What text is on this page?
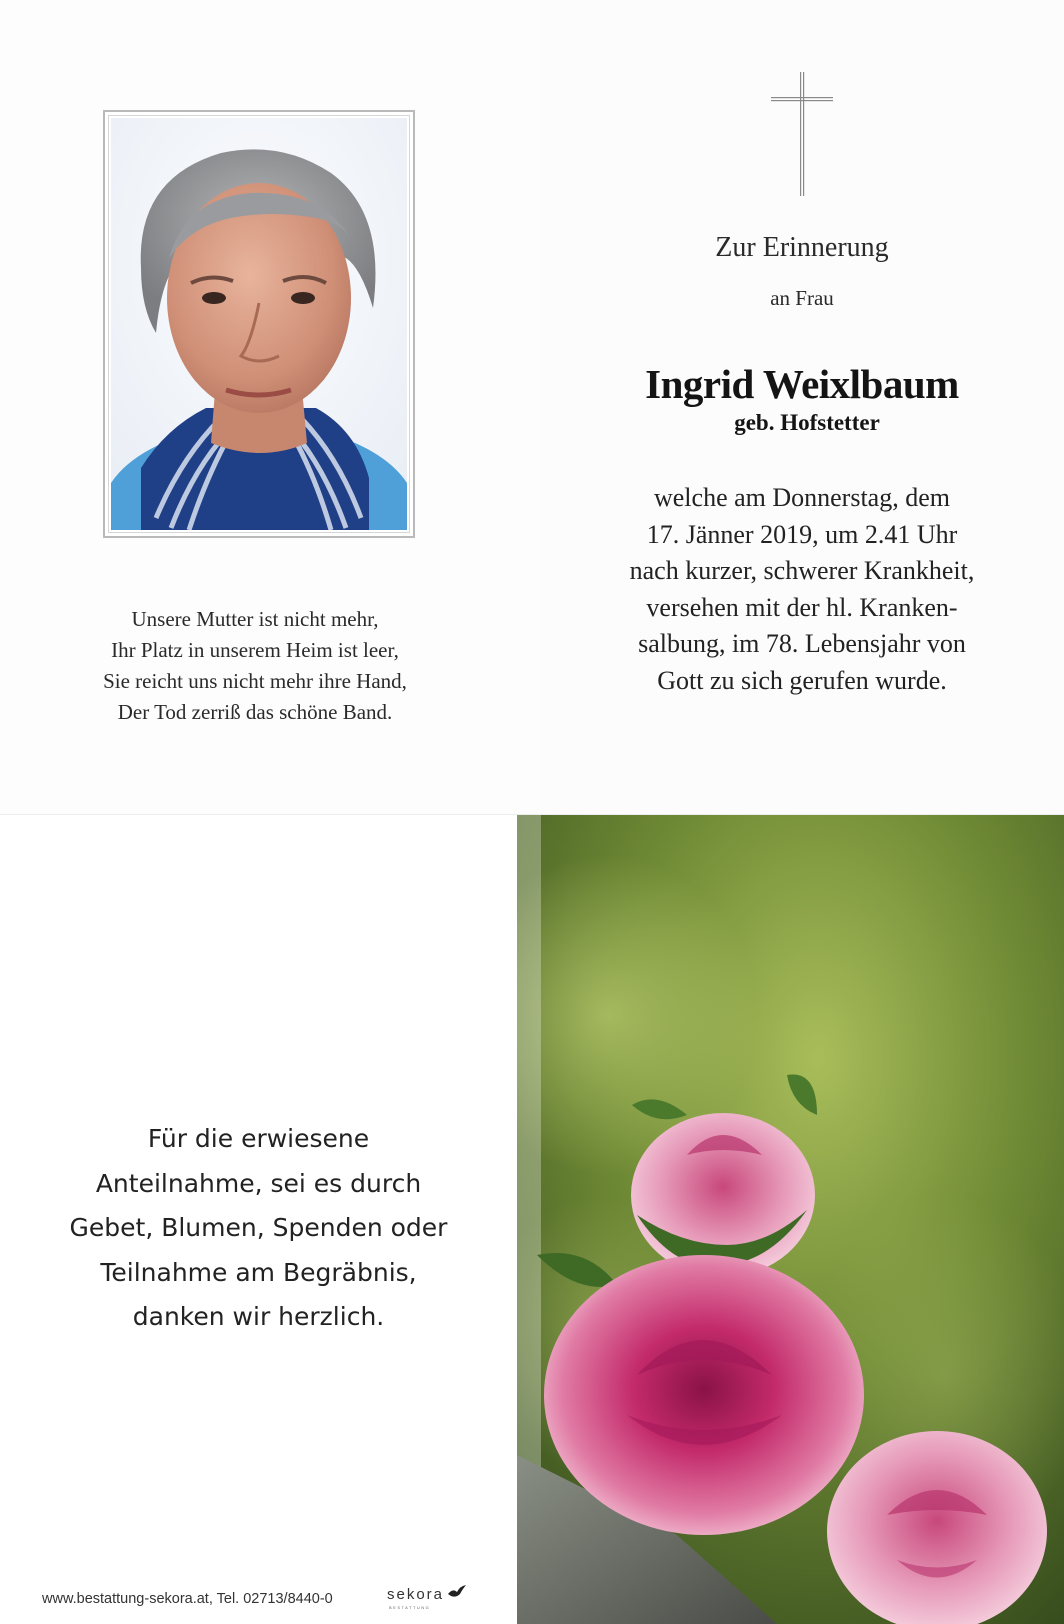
Unsere Mutter ist nicht mehr,
Ihr Platz in unserem Heim ist leer,
Sie reicht uns nicht mehr ihre Hand,
Der Tod zerriß das schöne Band.
Zur Erinnerung
an Frau
Ingrid Weixlbaum
geb. Hofstetter
welche am Donnerstag, dem
17. Jänner 2019, um 2.41 Uhr
nach kurzer, schwerer Krankheit,
versehen mit der hl. Kranken-
salbung, im 78. Lebensjahr von
Gott zu sich gerufen wurde.
Für die erwiesene
Anteilnahme, sei es durch
Gebet, Blumen, Spenden oder
Teilnahme am Begräbnis,
danken wir herzlich.
www.bestattung-sekora.at, Tel. 02713/8440-0	sekora
BESTATTUNG
